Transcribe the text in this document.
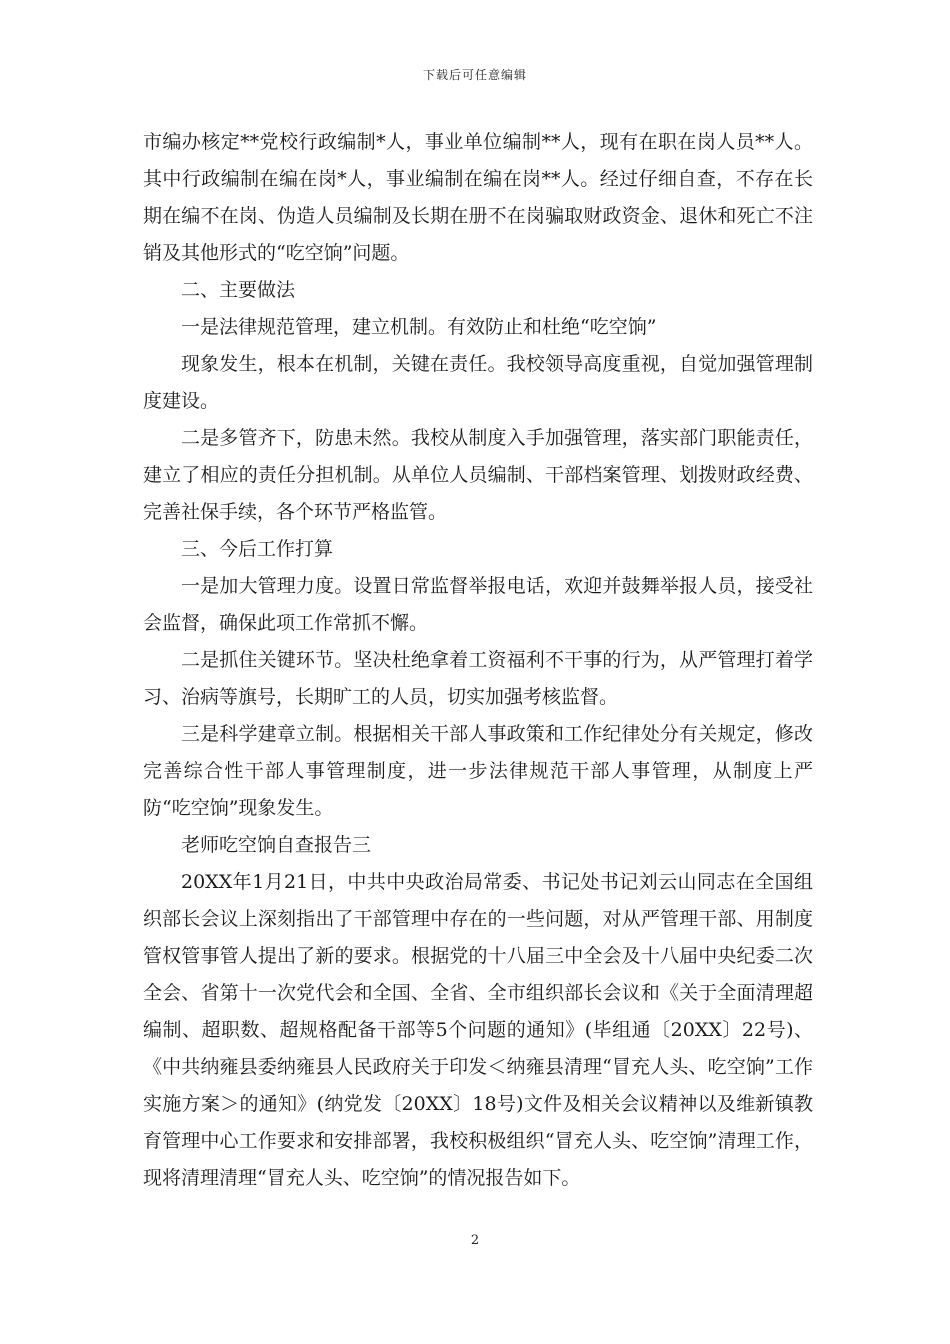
下载后可任意编辑

市编办核定**党校行政编制*人，事业单位编制**人，现有在职在岗人员**人。其中行政编制在编在岗*人，事业编制在编在岗**人。经过仔细自查，不存在长期在编不在岗、伪造人员编制及长期在册不在岗骗取财政资金、退休和死亡不注销及其他形式的“吃空饷”问题。

二、主要做法

一是法律规范管理，建立机制。有效防止和杜绝“吃空饷”

现象发生，根本在机制，关键在责任。我校领导高度重视，自觉加强管理制度建设。

二是多管齐下，防患未然。我校从制度入手加强管理，落实部门职能责任，建立了相应的责任分担机制。从单位人员编制、干部档案管理、划拨财政经费、完善社保手续，各个环节严格监管。

三、今后工作打算

一是加大管理力度。设置日常监督举报电话，欢迎并鼓舞举报人员，接受社会监督，确保此项工作常抓不懈。

二是抓住关键环节。坚决杜绝拿着工资福利不干事的行为，从严管理打着学习、治病等旗号，长期旷工的人员，切实加强考核监督。

三是科学建章立制。根据相关干部人事政策和工作纪律处分有关规定，修改完善综合性干部人事管理制度，进一步法律规范干部人事管理，从制度上严防“吃空饷”现象发生。

老师吃空饷自查报告三

20XX年1月21日，中共中央政治局常委、书记处书记刘云山同志在全国组织部长会议上深刻指出了干部管理中存在的一些问题，对从严管理干部、用制度管权管事管人提出了新的要求。根据党的十八届三中全会及十八届中央纪委二次全会、省第十一次党代会和全国、全省、全市组织部长会议和《关于全面清理超编制、超职数、超规格配备干部等5个问题的通知》(毕组通〔20XX〕22号)、《中共纳雍县委纳雍县人民政府关于印发＜纳雍县清理“冒充人头、吃空饷”工作实施方案＞的通知》(纳党发〔20XX〕18号)文件及相关会议精神以及维新镇教育管理中心工作要求和安排部署，我校积极组织“冒充人头、吃空饷”清理工作，现将清理清理“冒充人头、吃空饷”的情况报告如下。

2
